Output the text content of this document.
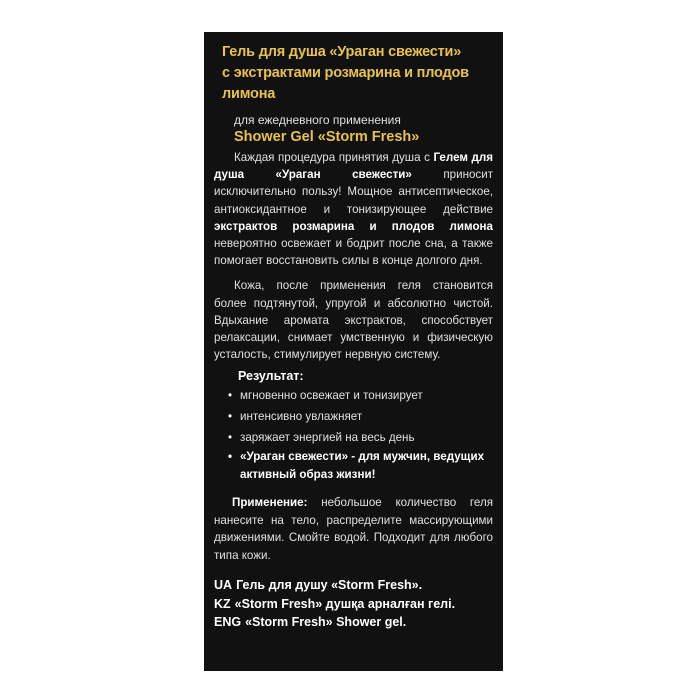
Гель для душа «Ураган свежести»
с экстрактами розмарина и плодов
лимона
для ежедневного применения
Shower Gel «Storm Fresh»

Каждая процедура принятия душа с Гелем для душа «Ураган свежести» приносит исключительно пользу! Мощное антисептическое, антиоксидантное и тонизирующее действие экстрактов розмарина и плодов лимона невероятно освежает и бодрит после сна, а также помогает восстановить силы в конце долгого дня.

Кожа, после применения геля становится более подтянутой, упругой и абсолютно чистой. Вдыхание аромата экстрактов, способствует релаксации, снимает умственную и физическую усталость, стимулирует нервную систему.

Результат:
• мгновенно освежает и тонизирует
• интенсивно увлажняет
• заряжает энергией на весь день
• «Ураган свежести» - для мужчин, ведущих активный образ жизни!
Применение: небольшое количество геля нанесите на тело, распределите массирующими движениями. Смойте водой. Подходит для любого типа кожи.
UA Гель для душу «Storm Fresh».
KZ «Storm Fresh» душқа арналған гелі.
ENG «Storm Fresh» Shower gel.
